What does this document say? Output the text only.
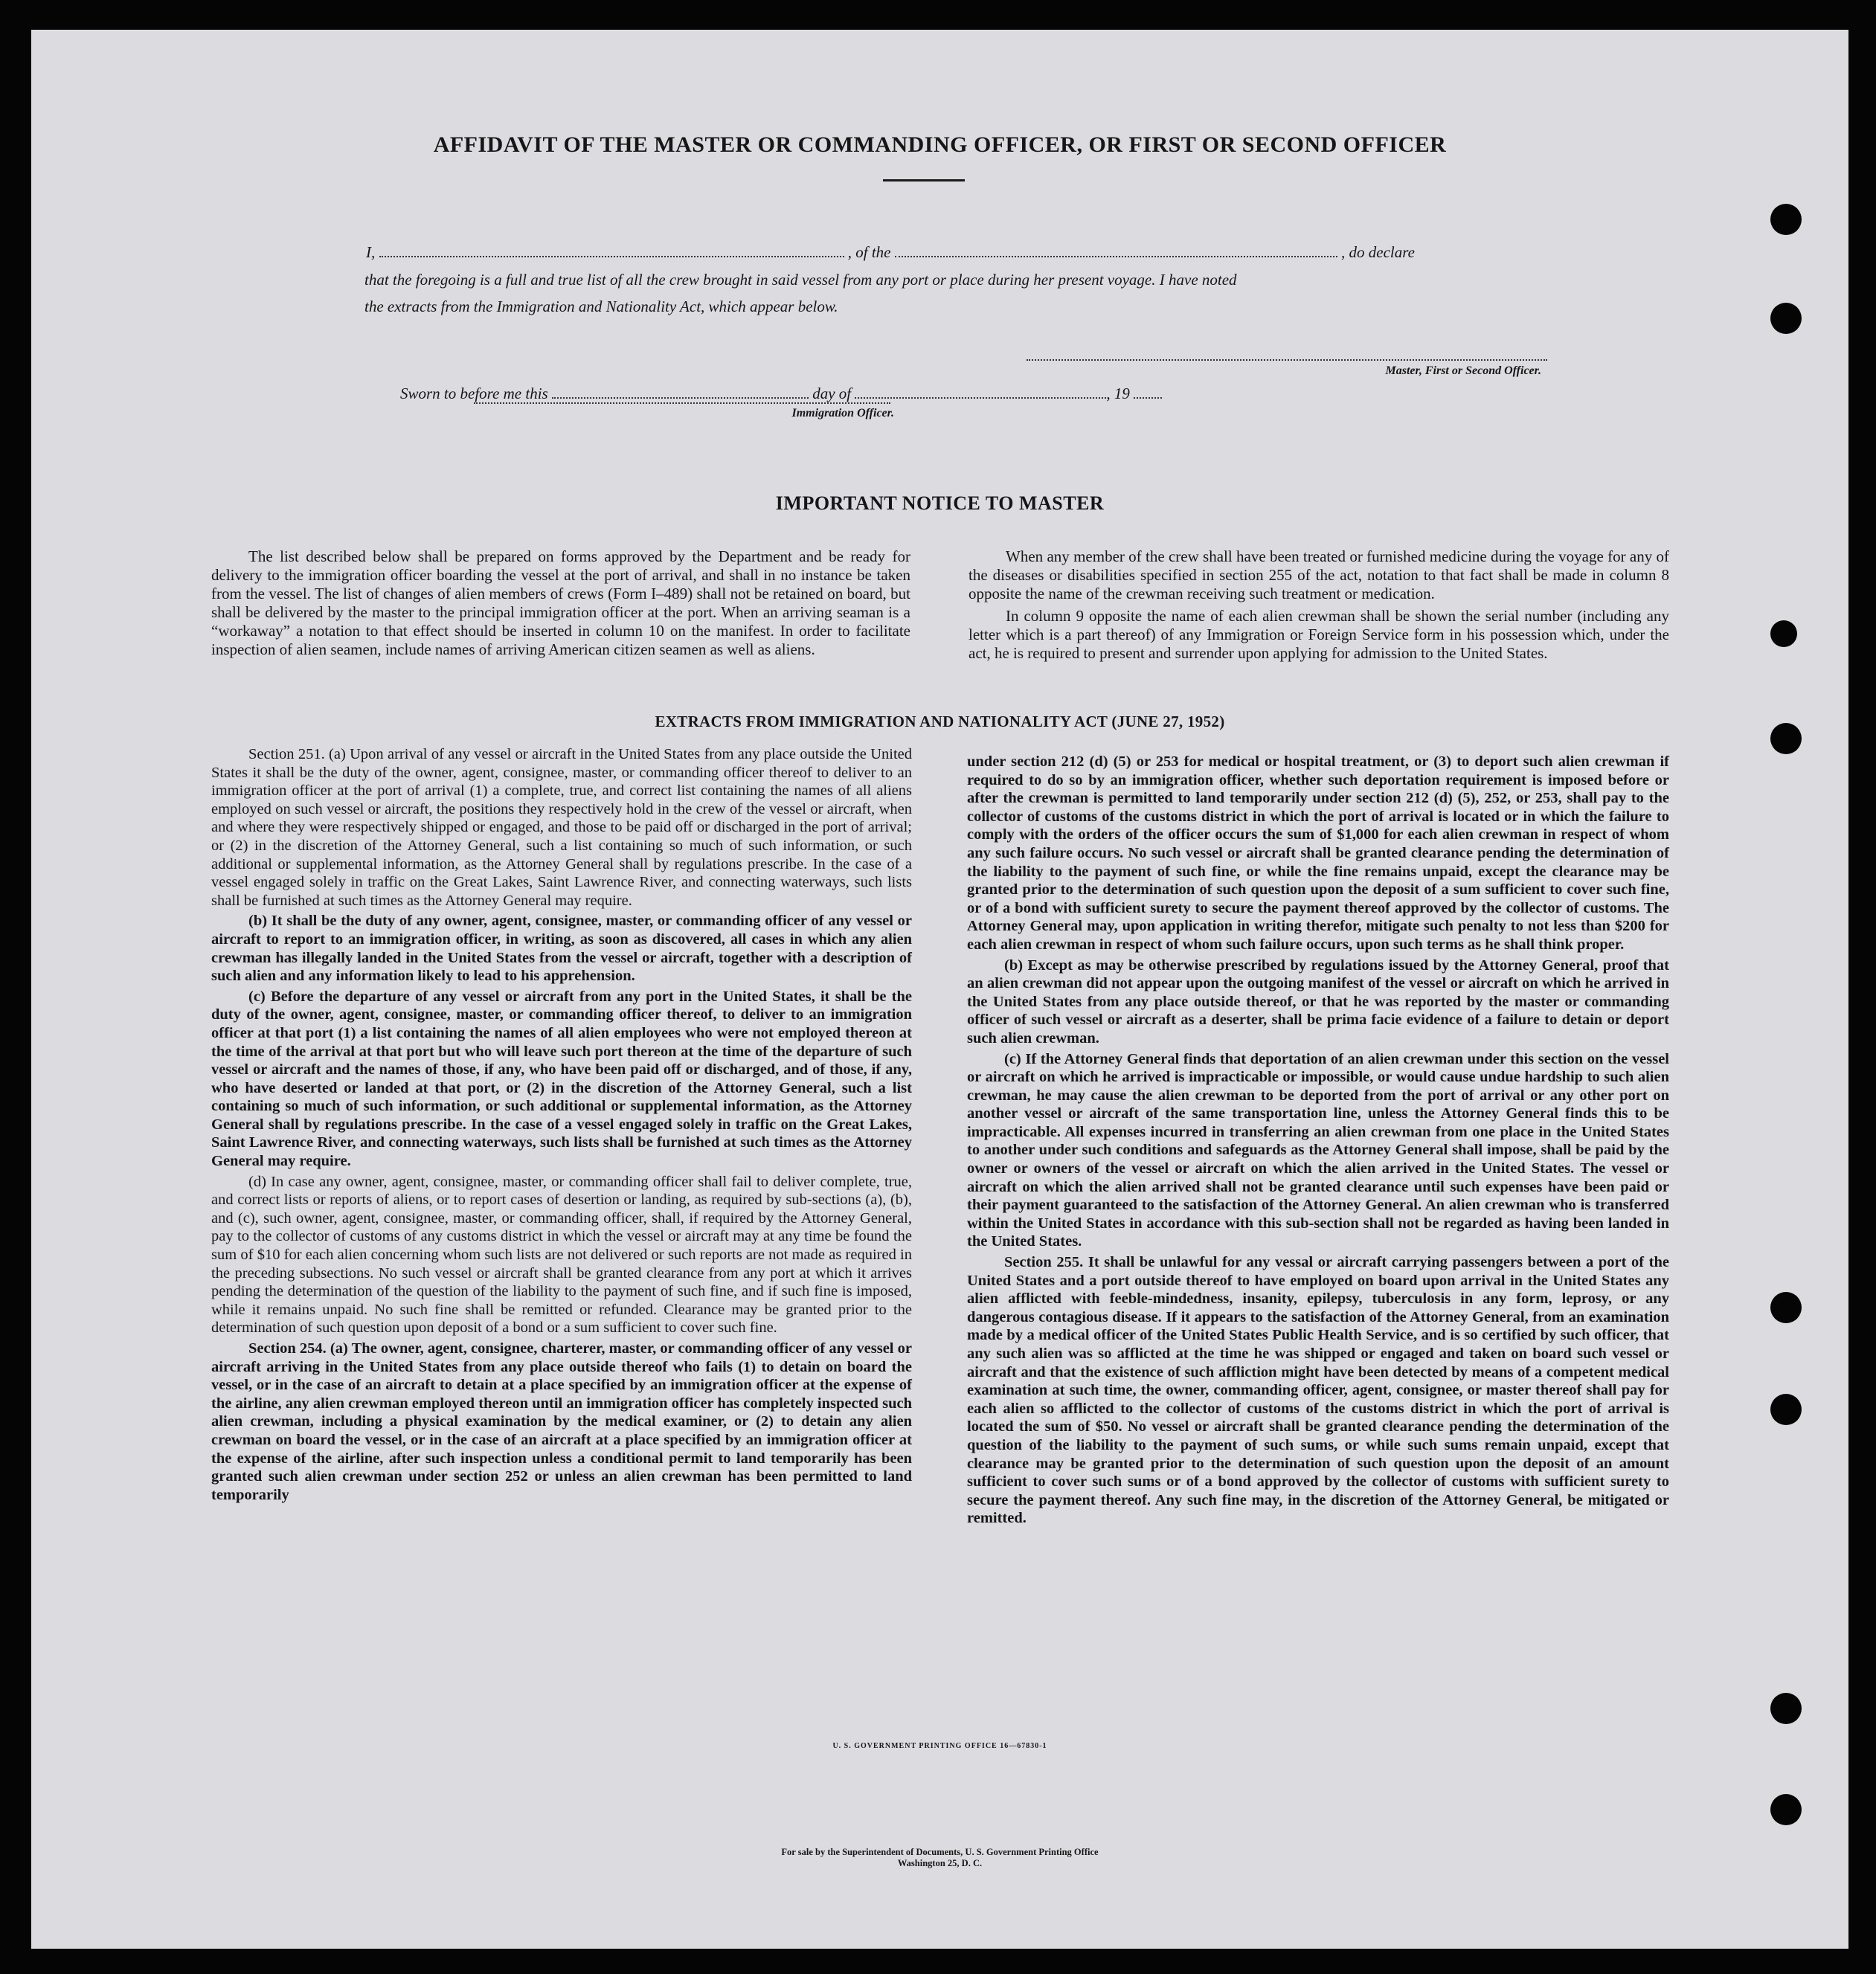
AFFIDAVIT OF THE MASTER OR COMMANDING OFFICER, OR FIRST OR SECOND OFFICER
I,	, of the	, do declare
that the foregoing is a full and true list of all the crew brought in said vessel from any port or place during her present voyage. I have noted
the extracts from the Immigration and Nationality Act, which appear below.
Master, First or Second Officer.
Sworn to before me this	day of	, 19
Immigration Officer.
IMPORTANT NOTICE TO MASTER

The list described below shall be prepared on forms approved by the Department and be ready for delivery to the immigration officer boarding the vessel at the port of arrival, and shall in no instance be taken from the vessel. The list of changes of alien members of crews (Form I–489) shall not be retained on board, but shall be delivered by the master to the principal immigration officer at the port. When an arriving seaman is a “workaway” a notation to that effect should be inserted in column 10 on the manifest. In order to facilitate inspection of alien seamen, include names of arriving American citizen seamen as well as aliens.

When any member of the crew shall have been treated or furnished medicine during the voyage for any of the diseases or disabilities specified in section 255 of the act, notation to that fact shall be made in column 8 opposite the name of the crewman receiving such treatment or medication.

In column 9 opposite the name of each alien crewman shall be shown the serial number (including any letter which is a part thereof) of any Immigration or Foreign Service form in his possession which, under the act, he is required to present and surrender upon applying for admission to the United States.

EXTRACTS FROM IMMIGRATION AND NATIONALITY ACT (JUNE 27, 1952)

Section 251. (a) Upon arrival of any vessel or aircraft in the United States from any place outside the United States it shall be the duty of the owner, agent, consignee, master, or commanding officer thereof to deliver to an immigration officer at the port of arrival (1) a complete, true, and correct list containing the names of all aliens employed on such vessel or aircraft, the positions they respectively hold in the crew of the vessel or aircraft, when and where they were respectively shipped or engaged, and those to be paid off or discharged in the port of arrival; or (2) in the discretion of the Attorney General, such a list containing so much of such information, or such additional or supplemental information, as the Attorney General shall by regulations prescribe. In the case of a vessel engaged solely in traffic on the Great Lakes, Saint Lawrence River, and connecting waterways, such lists shall be furnished at such times as the Attorney General may require.

(b) It shall be the duty of any owner, agent, consignee, master, or commanding officer of any vessel or aircraft to report to an immigration officer, in writing, as soon as discovered, all cases in which any alien crewman has illegally landed in the United States from the vessel or aircraft, together with a description of such alien and any information likely to lead to his apprehension.

(c) Before the departure of any vessel or aircraft from any port in the United States, it shall be the duty of the owner, agent, consignee, master, or commanding officer thereof, to deliver to an immigration officer at that port (1) a list containing the names of all alien employees who were not employed thereon at the time of the arrival at that port but who will leave such port thereon at the time of the departure of such vessel or aircraft and the names of those, if any, who have been paid off or discharged, and of those, if any, who have deserted or landed at that port, or (2) in the discretion of the Attorney General, such a list containing so much of such information, or such additional or supplemental information, as the Attorney General shall by regulations prescribe. In the case of a vessel engaged solely in traffic on the Great Lakes, Saint Lawrence River, and connecting waterways, such lists shall be furnished at such times as the Attorney General may require.

(d) In case any owner, agent, consignee, master, or commanding officer shall fail to deliver complete, true, and correct lists or reports of aliens, or to report cases of desertion or landing, as required by sub-sections (a), (b), and (c), such owner, agent, consignee, master, or commanding officer, shall, if required by the Attorney General, pay to the collector of customs of any customs district in which the vessel or aircraft may at any time be found the sum of $10 for each alien concerning whom such lists are not delivered or such reports are not made as required in the preceding subsections. No such vessel or aircraft shall be granted clearance from any port at which it arrives pending the determination of the question of the liability to the payment of such fine, and if such fine is imposed, while it remains unpaid. No such fine shall be remitted or refunded. Clearance may be granted prior to the determination of such question upon deposit of a bond or a sum sufficient to cover such fine.

Section 254. (a) The owner, agent, consignee, charterer, master, or commanding officer of any vessel or aircraft arriving in the United States from any place outside thereof who fails (1) to detain on board the vessel, or in the case of an aircraft to detain at a place specified by an immigration officer at the expense of the airline, any alien crewman employed thereon until an immigration officer has completely inspected such alien crewman, including a physical examination by the medical examiner, or (2) to detain any alien crewman on board the vessel, or in the case of an aircraft at a place specified by an immigration officer at the expense of the airline, after such inspection unless a conditional permit to land temporarily has been granted such alien crewman under section 252 or unless an alien crewman has been permitted to land temporarily

under section 212 (d) (5) or 253 for medical or hospital treatment, or (3) to deport such alien crewman if required to do so by an immigration officer, whether such deportation requirement is imposed before or after the crewman is permitted to land temporarily under section 212 (d) (5), 252, or 253, shall pay to the collector of customs of the customs district in which the port of arrival is located or in which the failure to comply with the orders of the officer occurs the sum of $1,000 for each alien crewman in respect of whom any such failure occurs. No such vessel or aircraft shall be granted clearance pending the determination of the liability to the payment of such fine, or while the fine remains unpaid, except the clearance may be granted prior to the determination of such question upon the deposit of a sum sufficient to cover such fine, or of a bond with sufficient surety to secure the payment thereof approved by the collector of customs. The Attorney General may, upon application in writing therefor, mitigate such penalty to not less than $200 for each alien crewman in respect of whom such failure occurs, upon such terms as he shall think proper.

(b) Except as may be otherwise prescribed by regulations issued by the Attorney General, proof that an alien crewman did not appear upon the outgoing manifest of the vessel or aircraft on which he arrived in the United States from any place outside thereof, or that he was reported by the master or commanding officer of such vessel or aircraft as a deserter, shall be prima facie evidence of a failure to detain or deport such alien crewman.

(c) If the Attorney General finds that deportation of an alien crewman under this section on the vessel or aircraft on which he arrived is impracticable or impossible, or would cause undue hardship to such alien crewman, he may cause the alien crewman to be deported from the port of arrival or any other port on another vessel or aircraft of the same transportation line, unless the Attorney General finds this to be impracticable. All expenses incurred in transferring an alien crewman from one place in the United States to another under such conditions and safeguards as the Attorney General shall impose, shall be paid by the owner or owners of the vessel or aircraft on which the alien arrived in the United States. The vessel or aircraft on which the alien arrived shall not be granted clearance until such expenses have been paid or their payment guaranteed to the satisfaction of the Attorney General. An alien crewman who is transferred within the United States in accordance with this sub-section shall not be regarded as having been landed in the United States.

Section 255. It shall be unlawful for any vessal or aircraft carrying passengers between a port of the United States and a port outside thereof to have employed on board upon arrival in the United States any alien afflicted with feeble-mindedness, insanity, epilepsy, tuberculosis in any form, leprosy, or any dangerous contagious disease. If it appears to the satisfaction of the Attorney General, from an examination made by a medical officer of the United States Public Health Service, and is so certified by such officer, that any such alien was so afflicted at the time he was shipped or engaged and taken on board such vessel or aircraft and that the existence of such affliction might have been detected by means of a competent medical examination at such time, the owner, commanding officer, agent, consignee, or master thereof shall pay for each alien so afflicted to the collector of customs of the customs district in which the port of arrival is located the sum of $50. No vessel or aircraft shall be granted clearance pending the determination of the question of the liability to the payment of such sums, or while such sums remain unpaid, except that clearance may be granted prior to the determination of such question upon the deposit of an amount sufficient to cover such sums or of a bond approved by the collector of customs with sufficient surety to secure the payment thereof. Any such fine may, in the discretion of the Attorney General, be mitigated or remitted.

U. S. GOVERNMENT PRINTING OFFICE 16—67830-1
For sale by the Superintendent of Documents, U. S. Government Printing Office
Washington 25, D. C.
